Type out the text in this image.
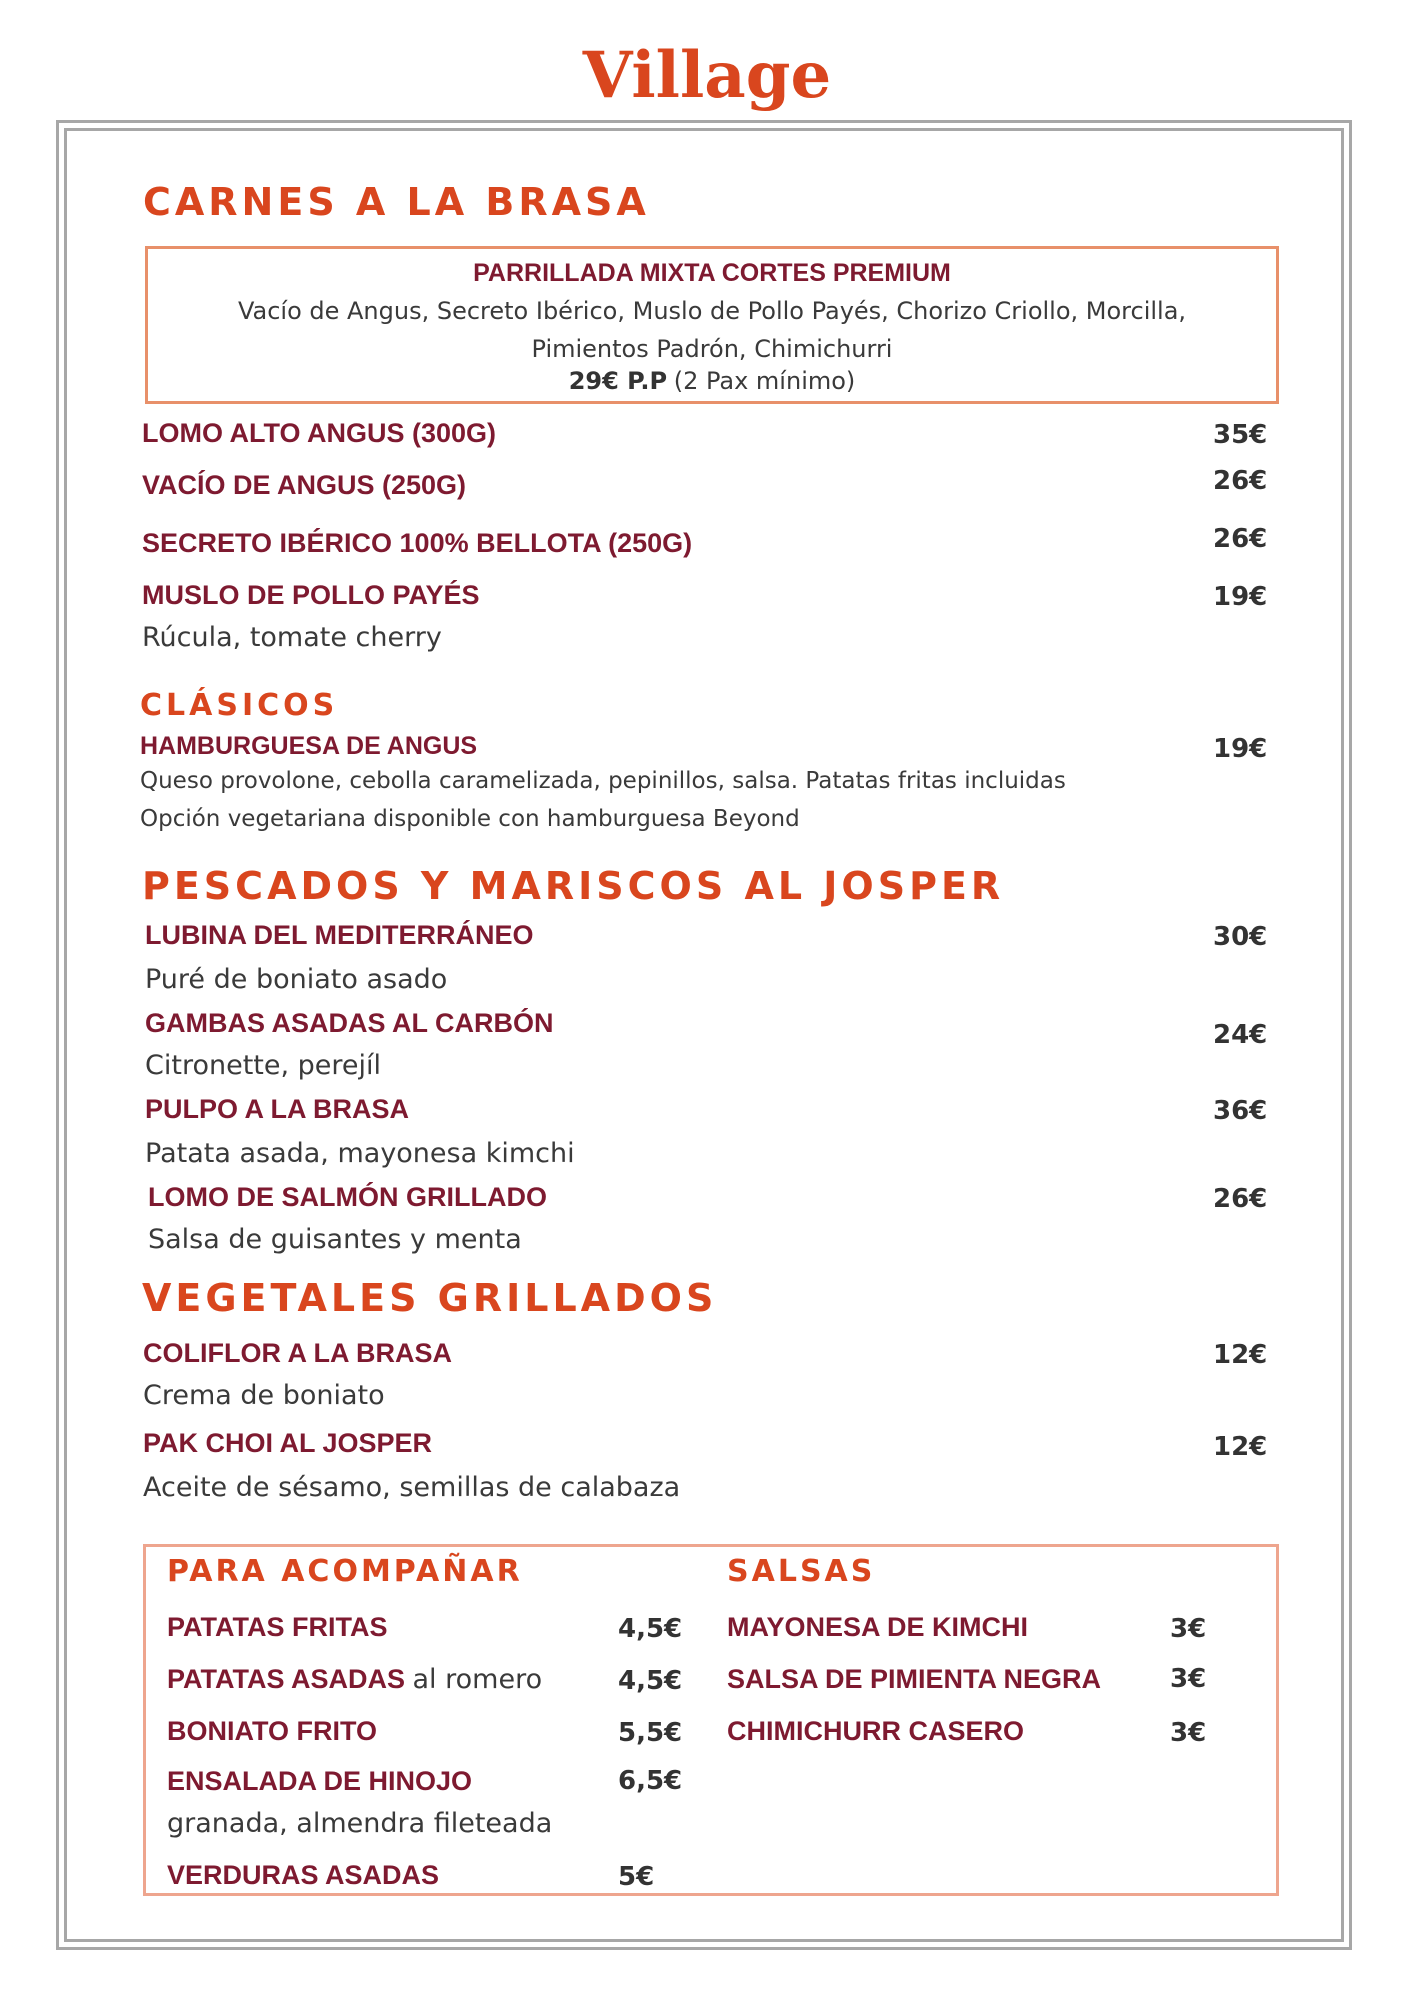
Village
CARNES A LA BRASA
PARRILLADA MIXTA CORTES PREMIUM
Vacío de Angus, Secreto Ibérico, Muslo de Pollo Payés, Chorizo Criollo, Morcilla,
Pimientos Padrón, Chimichurri
29€ P.P (2 Pax mínimo)
LOMO ALTO ANGUS (300G)	35€
VACÍO DE ANGUS (250G)	26€
SECRETO IBÉRICO 100% BELLOTA (250G)	26€
MUSLO DE POLLO PAYÉS	19€
Rúcula, tomate cherry
CLÁSICOS
HAMBURGUESA DE ANGUS	19€
Queso provolone, cebolla caramelizada, pepinillos, salsa. Patatas fritas incluidas
Opción vegetariana disponible con hamburguesa Beyond
PESCADOS Y MARISCOS AL JOSPER
LUBINA DEL MEDITERRÁNEO	30€
Puré de boniato asado
GAMBAS ASADAS AL CARBÓN	24€
Citronette, perejíl
PULPO A LA BRASA	36€
Patata asada, mayonesa kimchi
LOMO DE SALMÓN GRILLADO	26€
Salsa de guisantes y menta
VEGETALES GRILLADOS
COLIFLOR A LA BRASA	12€
Crema de boniato
PAK CHOI AL JOSPER	12€
Aceite de sésamo, semillas de calabaza
PARA ACOMPAÑAR	SALSAS
PATATAS FRITAS	4,5€
PATATAS ASADAS al romero	4,5€
BONIATO FRITO	5,5€
ENSALADA DE HINOJO	6,5€
granada, almendra fileteada
VERDURAS ASADAS	5€
MAYONESA DE KIMCHI	3€
SALSA DE PIMIENTA NEGRA	3€
CHIMICHURR CASERO	3€
